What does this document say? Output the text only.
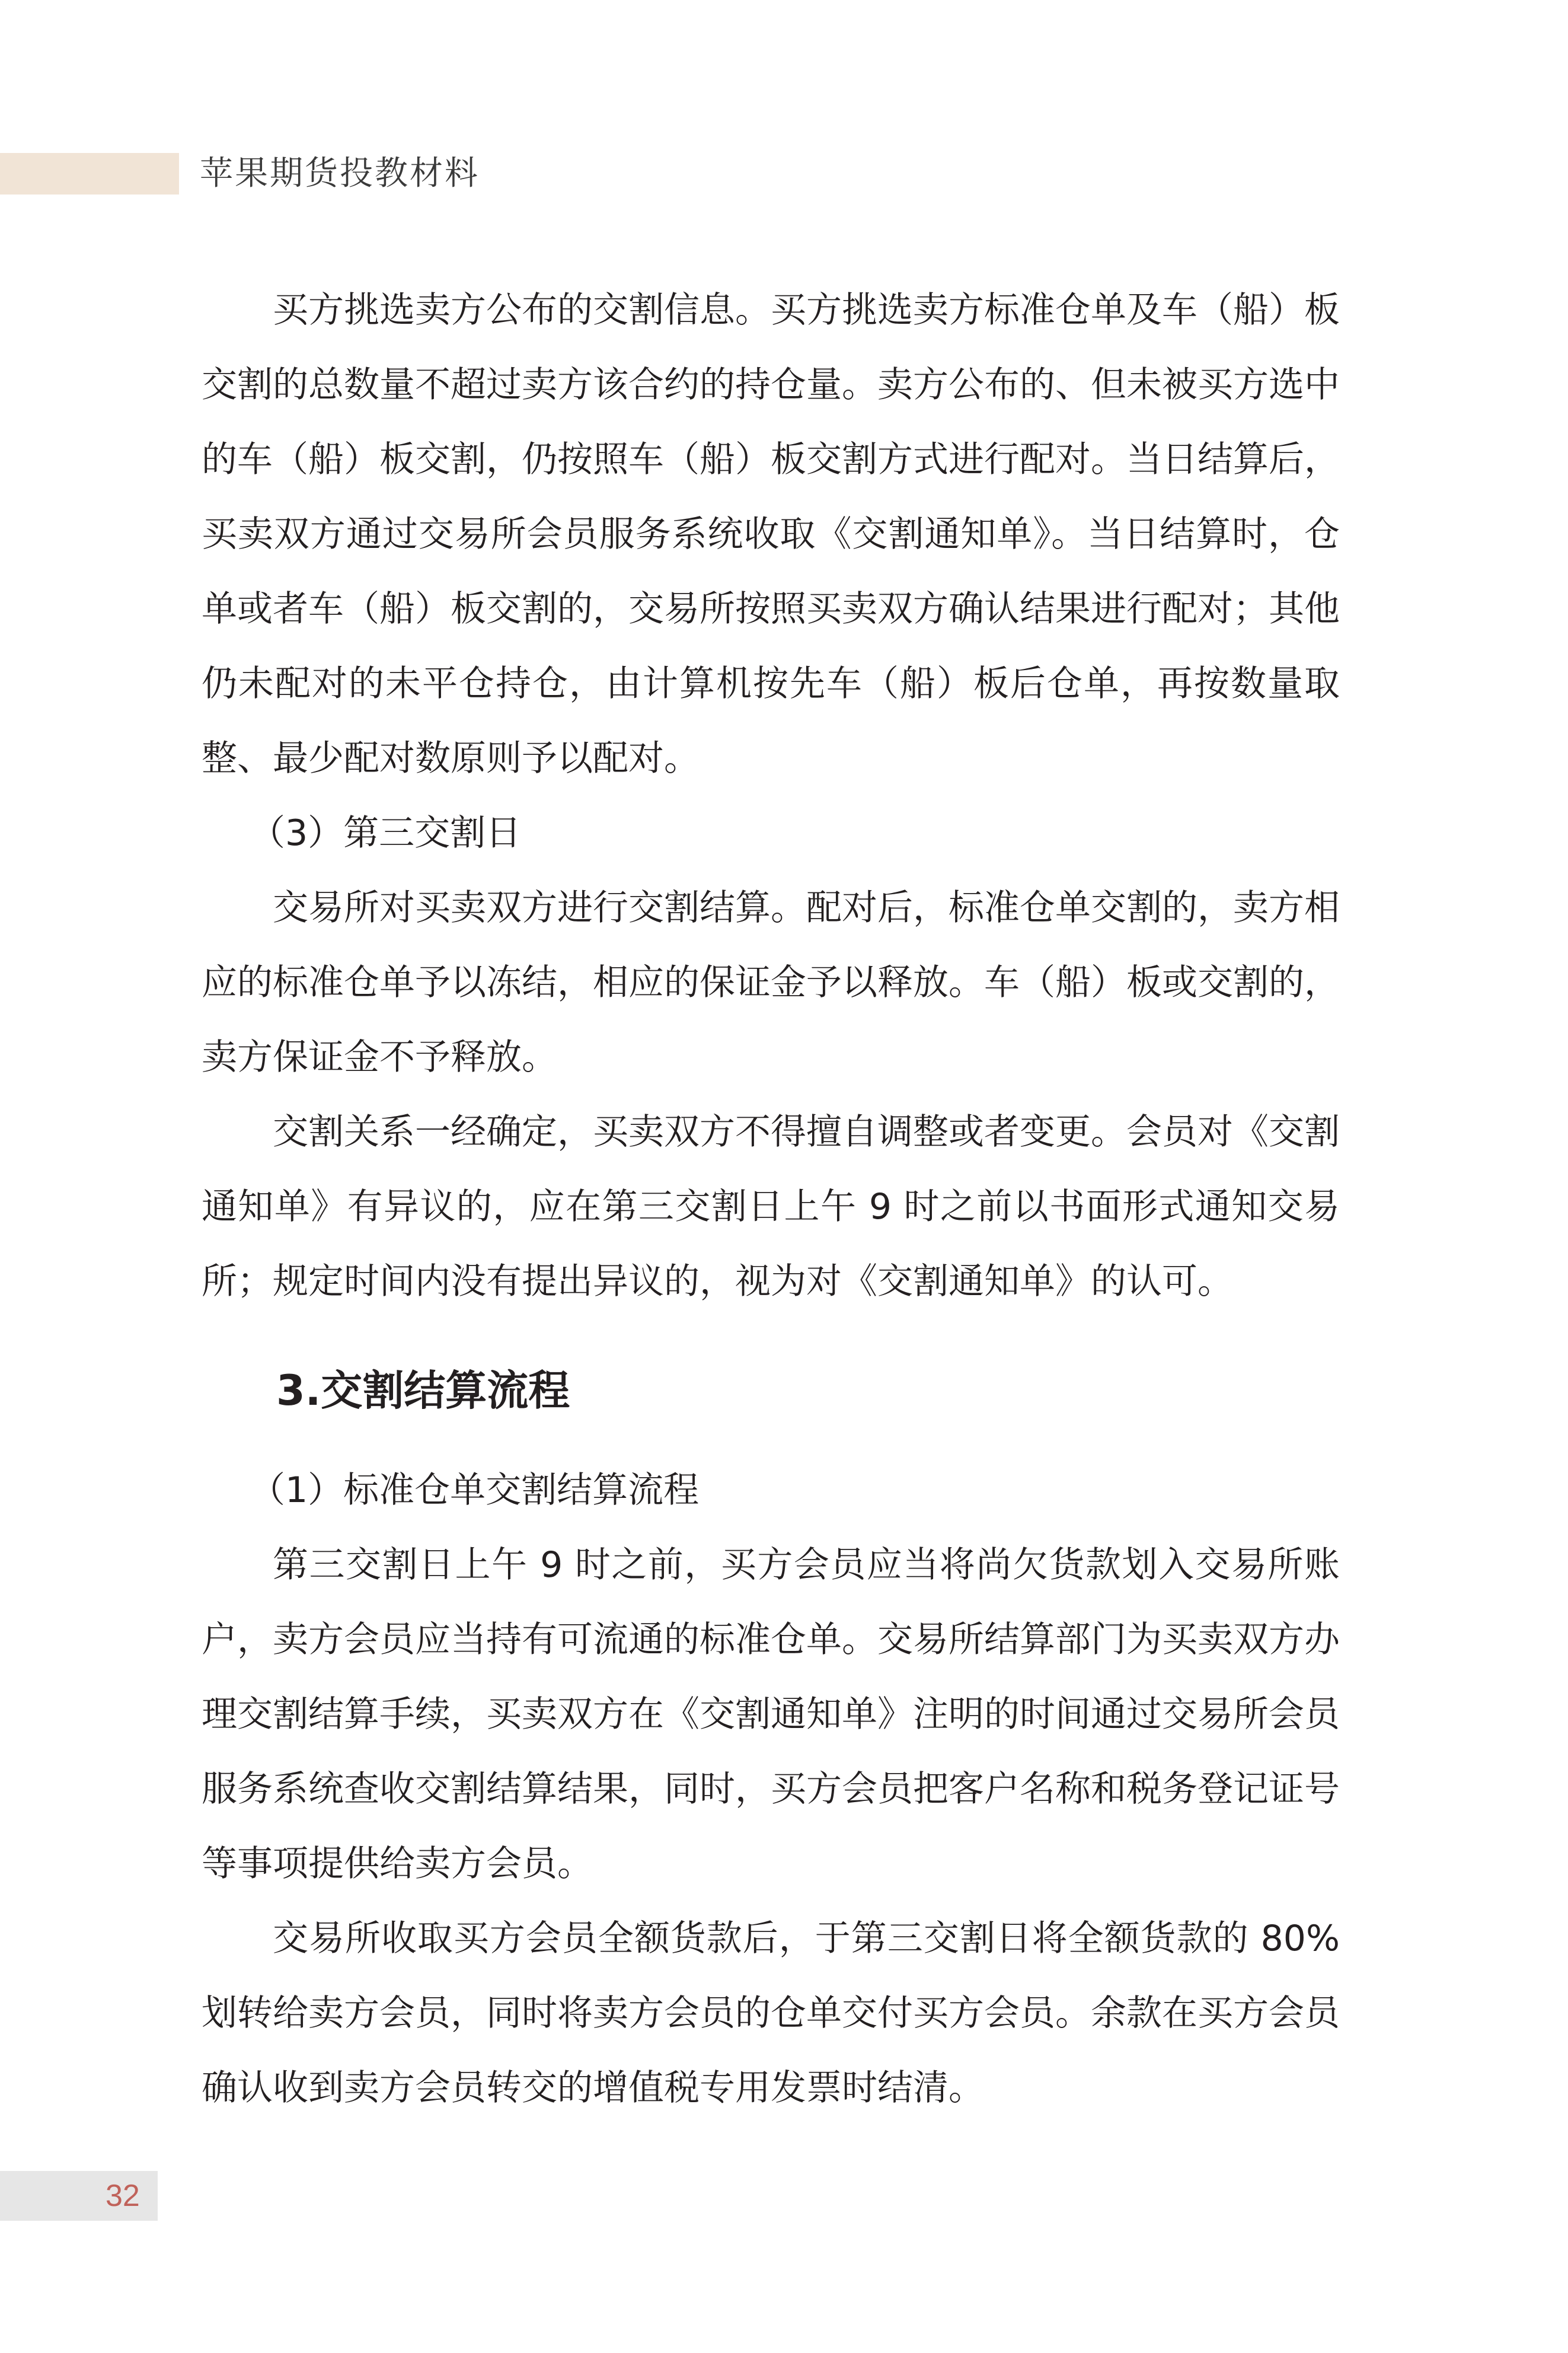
苹果期货投教材料

买方挑选卖方公布的交割信息。买方挑选卖方标准仓单及车（船）板交割的总数量不超过卖方该合约的持仓量。卖方公布的、但未被买方选中的车（船）板交割，仍按照车（船）板交割方式进行配对。当日结算后，买卖双方通过交易所会员服务系统收取《交割通知单》。当日结算时，仓单或者车（船）板交割的，交易所按照买卖双方确认结果进行配对；其他仍未配对的未平仓持仓，由计算机按先车（船）板后仓单，再按数量取整、最少配对数原则予以配对。

（3）第三交割日

交易所对买卖双方进行交割结算。配对后，标准仓单交割的，卖方相应的标准仓单予以冻结，相应的保证金予以释放。车（船）板或交割的，卖方保证金不予释放。

交割关系一经确定，买卖双方不得擅自调整或者变更。会员对《交割通知单》有异议的，应在第三交割日上午 9 时之前以书面形式通知交易所；规定时间内没有提出异议的，视为对《交割通知单》的认可。

3.交割结算流程

（1）标准仓单交割结算流程

第三交割日上午 9 时之前，买方会员应当将尚欠货款划入交易所账户，卖方会员应当持有可流通的标准仓单。交易所结算部门为买卖双方办理交割结算手续，买卖双方在《交割通知单》注明的时间通过交易所会员服务系统查收交割结算结果，同时，买方会员把客户名称和税务登记证号等事项提供给卖方会员。

交易所收取买方会员全额货款后，于第三交割日将全额货款的 80% 划转给卖方会员，同时将卖方会员的仓单交付买方会员。余款在买方会员确认收到卖方会员转交的增值税专用发票时结清。

32
